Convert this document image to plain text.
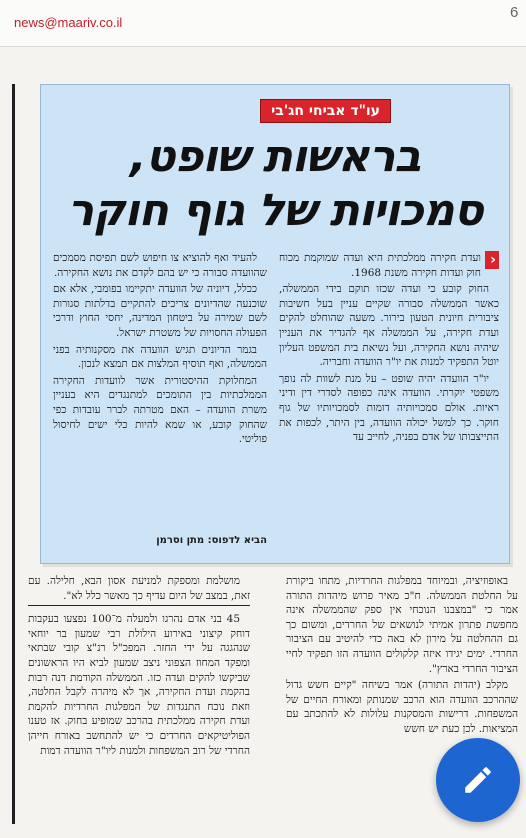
news@maariv.co.il
6
עו"ד אביחי חג'בי
בראשות שופט,
סמכויות של גוף חוקר
‹

ועדת חקירה ממלכתית היא ועדה שמוקמת מכוח חוק ועדות חקירה משנת 1968.

החוק קובע כי ועדה שכזו תוקם בידי הממשלה, כאשר הממשלה סבורה שקיים עניין בעל חשיבות ציבורית חיונית הטעון בירור. משעה שהוחלט להקים ועדת חקירה, על הממשלה אף להגדיר את העניין שיהיה נושא החקירה, ועל נשיאת בית המשפט העליון יוטל התפקיד למנות את יו"ר הוועדה וחבריה.

יו"ר הוועדה יהיה שופט – על מנת לשוות לה נופך משפטי יוקרתי. הוועדה אינה כפופה לסדרי דין ודיני ראיות. אולם סמכויותיה דומות לסמכויותיו של גוף חוקר. כך למשל יכולה הוועדה, בין היתר, לכפות את התייצבותו של אדם בפניה, לחייב עד

להעיד ואף להוציא צו חיפוש לשם תפיסת מסמכים שהוועדה סבורה כי יש בהם לקדם את נושא החקירה.

ככלל, דיוניה של הוועדה יתקיימו בפומבי, אלא אם שוכנעה שהדיונים צריכים להתקיים בדלתות סגורות לשם שמירה על ביטחון המדינה, יחסי החוץ ודרכי הפעולה החסויות של משטרת ישראל.

בגמר הדיונים תגיש הוועדה את מסקנותיה בפני הממשלה, ואף תוסיף המלצות אם תמצא לנכון.

המחלוקת ההיסטורית אשר לוועדות החקירה הממלכתיות בין התומכים למתנגדים היא בעניין משרת הוועדה – האם מטרתה לברר עובדות כפי שהחוק קובע, או שמא להיות כלי ישים לחיסול פוליטי.

הביא לדפוס: מתן וסרמן

באופוזיציה, ובמיוחד במפלגות החרדיות, מתחו ביקורת על החלטת הממשלה. ח"כ מאיר פרוש מיהדות התורה אמר כי "במצבנו הנוכחי אין ספק שהממשלה אינה מחפשת פתרון אמיתי לנושאים של החרדים, ומשום כך גם ההחלטה על מירון לא באה כדי להיטיב עם הציבור החרדי. ימים יגידו איזה קלקולים הוועדה הזו תפקיד לחיי הציבור החרדי בארץ".

מקלב (יהדות התורה) אמר בשיחה "קיים חשש גדול שההרכב הוועדה הוא הרכב שמנותק ומאורח החיים של המשפחות. דרישות והמסקנות עלולות לא להתכתב עם המציאות. לכן כעת יש חשש

מושלמת ומספקת למניעת אסון הבא, חלילה. עם זאת, במצב של היום עדיף כך מאשר כלל לא".

45 בני אדם נהרגו ולמעלה מ־100 נפצעו בעקבות דוחק קיצוני באירוע הילולת רבי שמעון בר יוחאי שנהגגה על ידי החזר. המפכ"ל רנ"צ קובי שבתאי ומפקד המחוז הצפוני ניצב שמעון לביא היו הראשונים שביקשו להקים ועדה כזו. הממשלה הקודמת דנה רבות בהקמת ועדת החקירה, אך לא מיהרה לקבל החלטה, וזאת נוכח התנגדות של המפלגות החרדיות להקמת ועדת חקירה ממלכתית בהרכב שמופיע בחוק. אז טענו הפוליטיקאים החרדים כי יש להתחשב באורח חייהן החרדי של רוב המשפחות ולמנות ליו"ר הוועדה דמות
